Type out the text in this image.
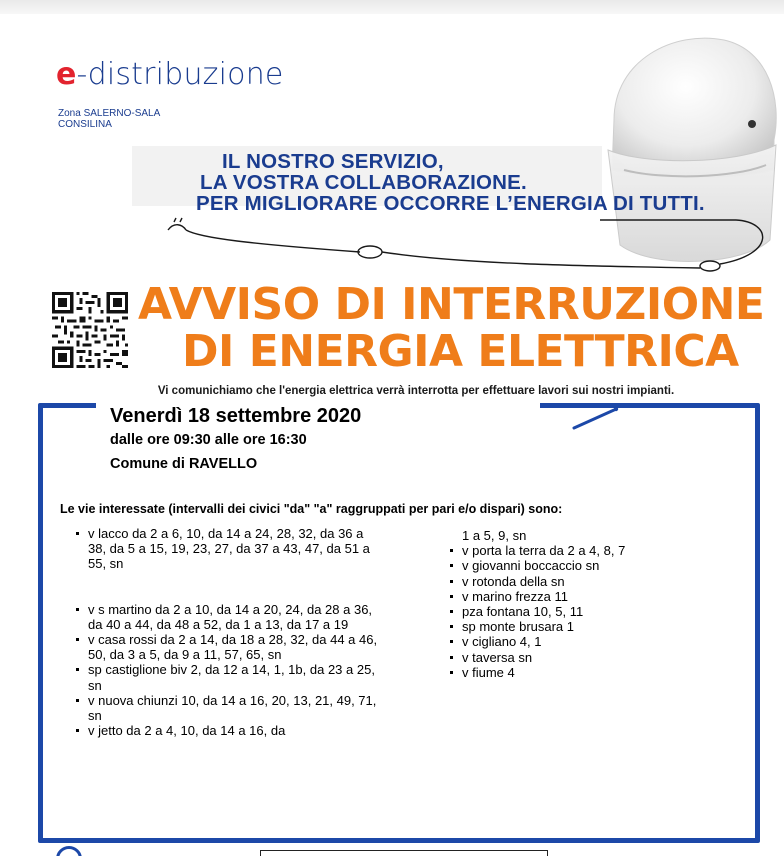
e-distribuzione
Zona SALERNO-SALA CONSILINA
IL NOSTRO SERVIZIO,
LA VOSTRA COLLABORAZIONE.
PER MIGLIORARE OCCORRE L’ENERGIA DI TUTTI.
AVVISO DI INTERRUZIONE
DI ENERGIA ELETTRICA
Vi comunichiamo che l'energia elettrica verrà interrotta per effettuare lavori sui nostri impianti.
Venerdì 18 settembre 2020
dalle ore 09:30 alle ore 16:30
Comune di RAVELLO
Le vie interessate (intervalli dei civici "da" "a" raggruppati per pari e/o dispari) sono:
v lacco da 2 a 6, 10, da 14 a 24, 28, 32, da 36 a 38, da 5 a 15, 19, 23, 27, da 37 a 43, 47, da 51 a 55, sn
v s martino da 2 a 10, da 14 a 20, 24, da 28 a 36, da 40 a 44, da 48 a 52, da 1 a 13, da 17 a 19
v casa rossi da 2 a 14, da 18 a 28, 32, da 44 a 46, 50, da 3 a 5, da 9 a 11, 57, 65, sn
sp castiglione biv 2, da 12 a 14, 1, 1b, da 23 a 25, sn
v nuova chiunzi 10, da 14 a 16, 20, 13, 21, 49, 71, sn
v jetto da 2 a 4, 10, da 14 a 16, da
1 a 5, 9, sn
v porta la terra da 2 a 4, 8, 7
v giovanni boccaccio sn
v rotonda della sn
v marino frezza 11
pza fontana 10, 5, 11
sp monte brusara 1
v cigliano 4, 1
v taversa sn
v fiume 4
